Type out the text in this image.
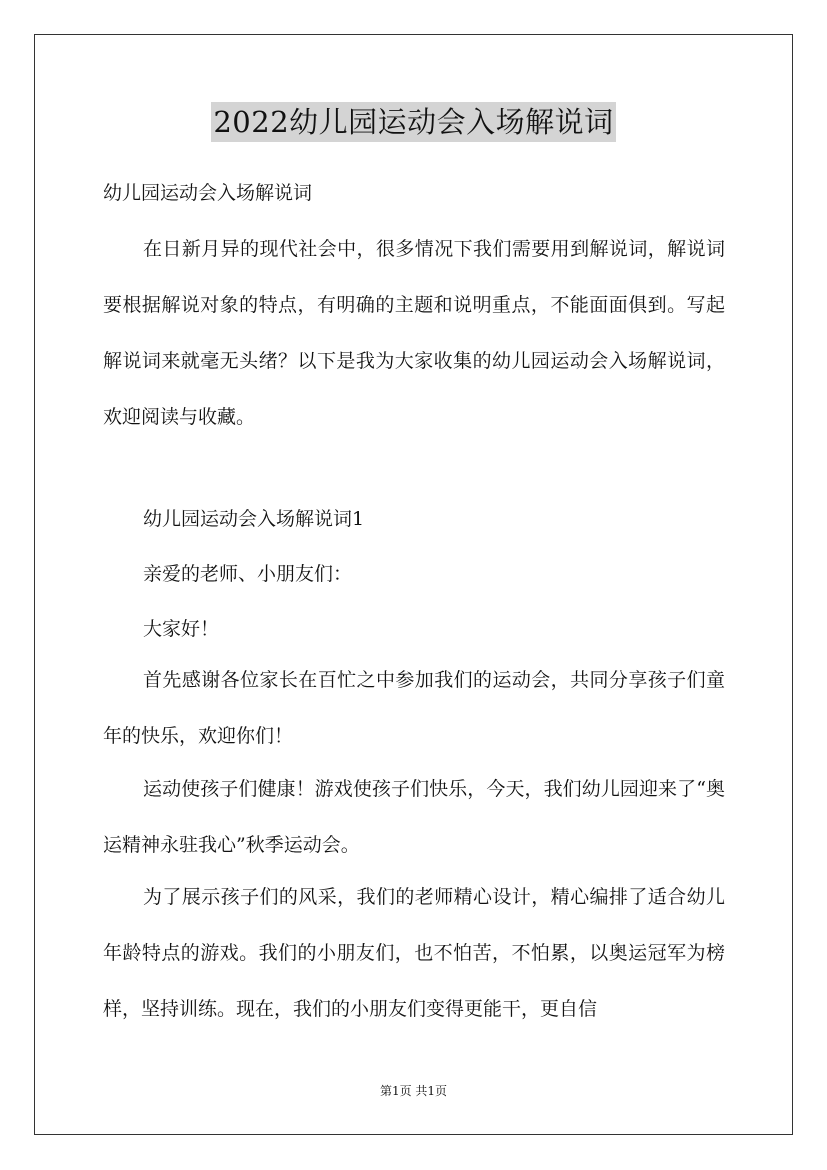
2022幼儿园运动会入场解说词

幼儿园运动会入场解说词

在日新月异的现代社会中，很多情况下我们需要用到解说词，解说词要根据解说对象的特点，有明确的主题和说明重点，不能面面俱到。写起解说词来就毫无头绪？以下是我为大家收集的幼儿园运动会入场解说词，欢迎阅读与收藏。

幼儿园运动会入场解说词1

亲爱的老师、小朋友们：

大家好！

首先感谢各位家长在百忙之中参加我们的运动会，共同分享孩子们童年的快乐，欢迎你们！

运动使孩子们健康！游戏使孩子们快乐，今天，我们幼儿园迎来了“奥运精神永驻我心”秋季运动会。

为了展示孩子们的风采，我们的老师精心设计，精心编排了适合幼儿年龄特点的游戏。我们的小朋友们，也不怕苦，不怕累，以奥运冠军为榜样，坚持训练。现在，我们的小朋友们变得更能干，更自信

第1页 共1页
